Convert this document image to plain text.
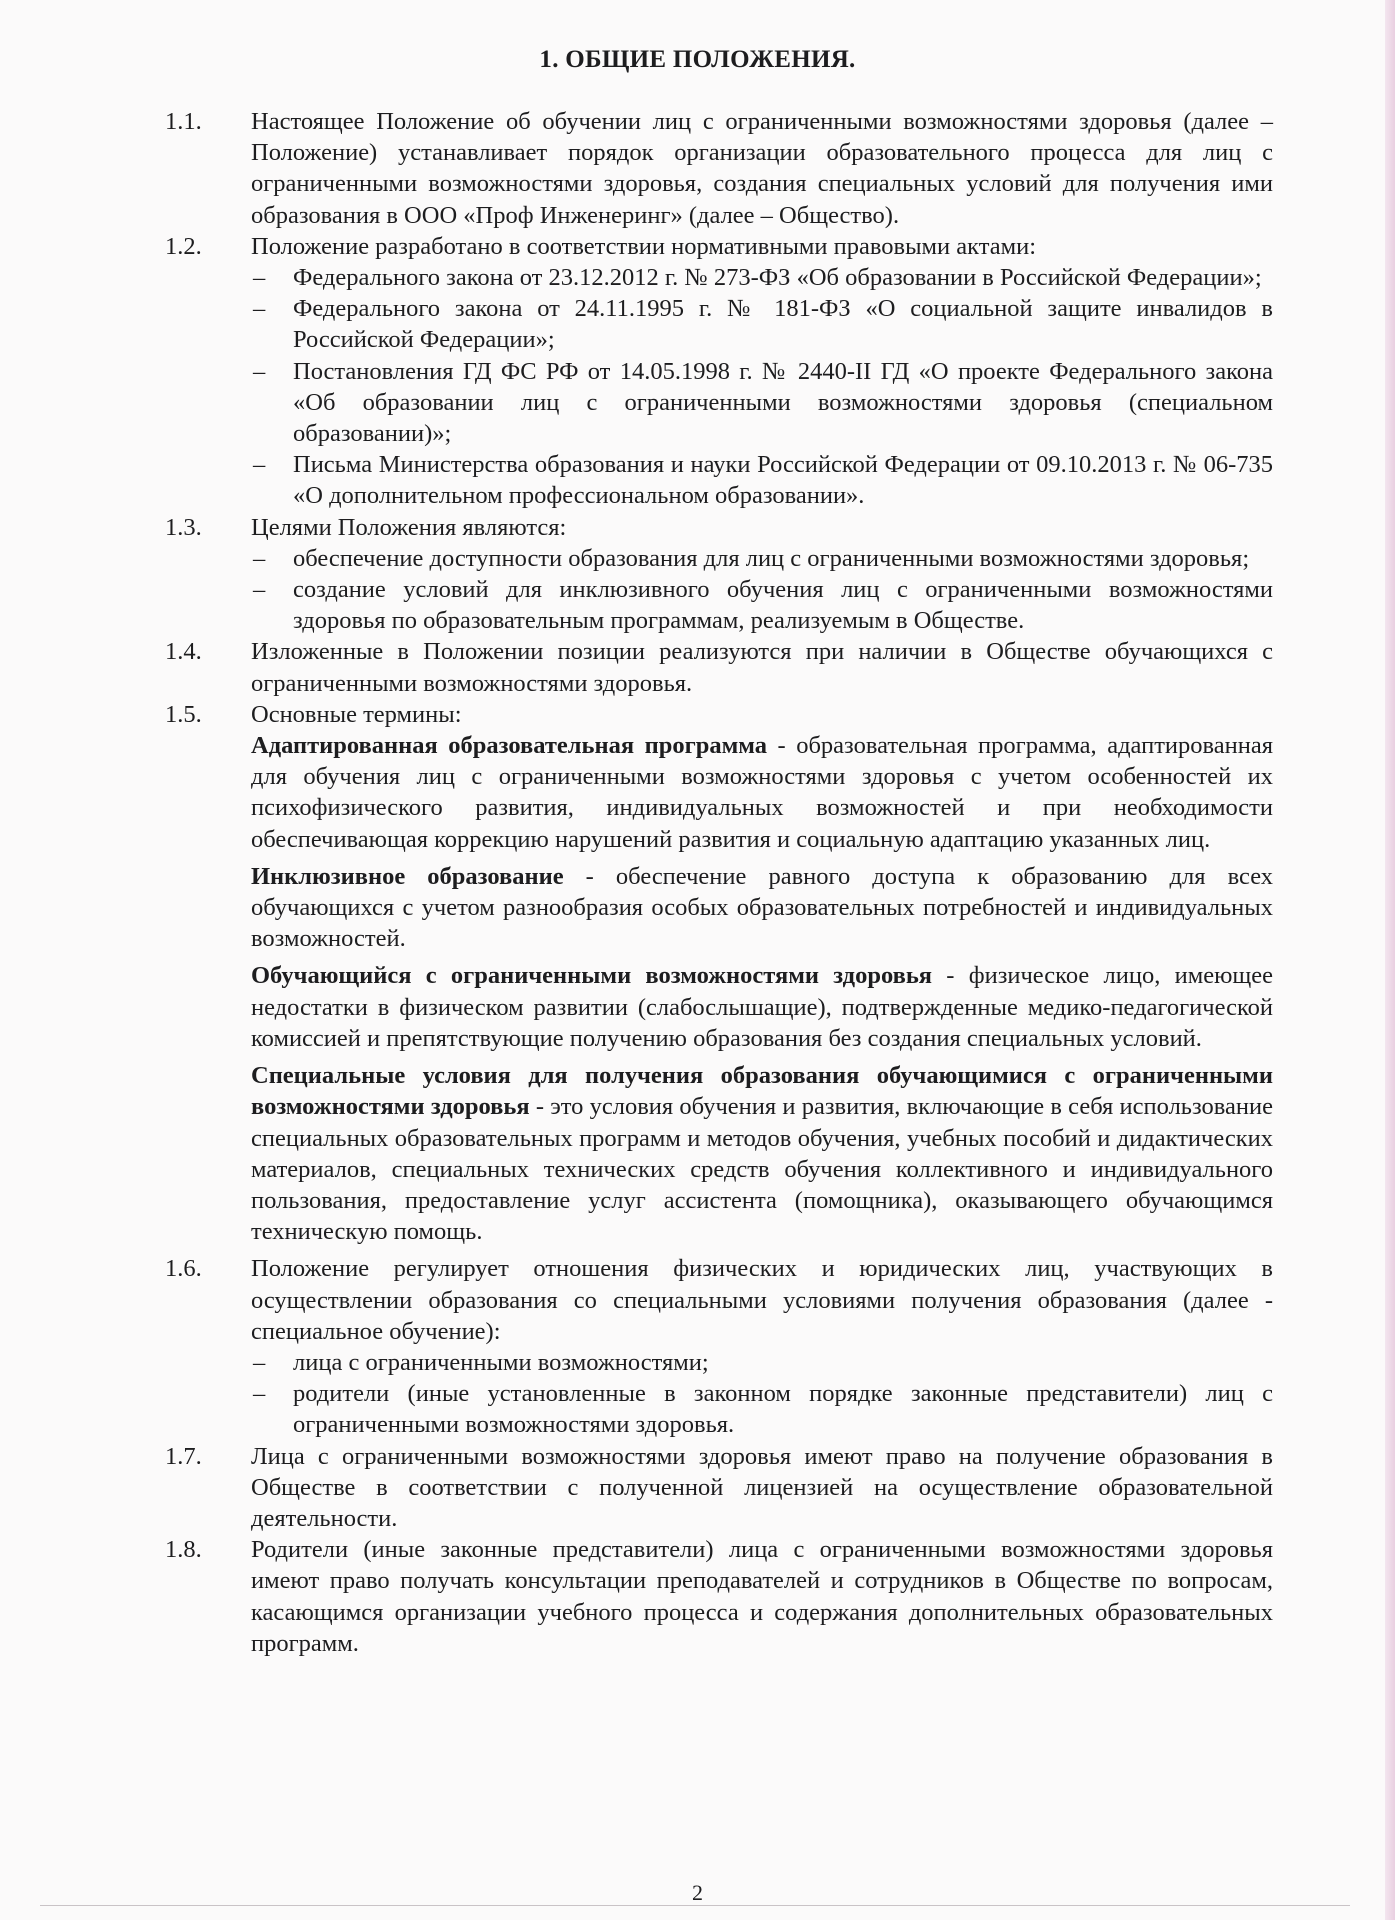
1. ОБЩИЕ ПОЛОЖЕНИЯ.
1.1.	Настоящее Положение об обучении лиц с ограниченными возможностями здоровья (далее – Положение) устанавливает порядок организации образовательного процесса для лиц с ограниченными возможностями здоровья, создания специальных условий для получения ими образования в ООО «Проф Инженеринг» (далее – Общество).

1.2.	Положение разработано в соответствии нормативными правовыми актами:

– Федерального закона от 23.12.2012 г. № 273-ФЗ «Об образовании в Российской Федерации»;

– Федерального закона от 24.11.1995 г. № 181-ФЗ «О социальной защите инвалидов в Российской Федерации»;

– Постановления ГД ФС РФ от 14.05.1998 г. № 2440-II ГД «О проекте Федерального закона «Об образовании лиц с ограниченными возможностями здоровья (специальном образовании)»;

– Письма Министерства образования и науки Российской Федерации от 09.10.2013 г. № 06-735 «О дополнительном профессиональном образовании».

1.3.	Целями Положения являются:

– обеспечение доступности образования для лиц с ограниченными возможностями здоровья;

– создание условий для инклюзивного обучения лиц с ограниченными возможностями здоровья по образовательным программам, реализуемым в Обществе.

1.4.	Изложенные в Положении позиции реализуются при наличии в Обществе обучающихся с ограниченными возможностями здоровья.

1.5.	Основные термины:

Адаптированная образовательная программа - образовательная программа, адаптированная для обучения лиц с ограниченными возможностями здоровья с учетом особенностей их психофизического развития, индивидуальных возможностей и при необходимости обеспечивающая коррекцию нарушений развития и социальную адаптацию указанных лиц.

Инклюзивное образование - обеспечение равного доступа к образованию для всех обучающихся с учетом разнообразия особых образовательных потребностей и индивидуальных возможностей.

Обучающийся с ограниченными возможностями здоровья - физическое лицо, имеющее недостатки в физическом развитии (слабослышащие), подтвержденные медико-педагогической комиссией и препятствующие получению образования без создания специальных условий.

Специальные условия для получения образования обучающимися с ограниченными возможностями здоровья - это условия обучения и развития, включающие в себя использование специальных образовательных программ и методов обучения, учебных пособий и дидактических материалов, специальных технических средств обучения коллективного и индивидуального пользования, предоставление услуг ассистента (помощника), оказывающего обучающимся техническую помощь.

1.6.	Положение регулирует отношения физических и юридических лиц, участвующих в осуществлении образования со специальными условиями получения образования (далее - специальное обучение):

– лица с ограниченными возможностями;

– родители (иные установленные в законном порядке законные представители) лиц с ограниченными возможностями здоровья.

1.7.	Лица с ограниченными возможностями здоровья имеют право на получение образования в Обществе в соответствии с полученной лицензией на осуществление образовательной деятельности.

1.8.	Родители (иные законные представители) лица с ограниченными возможностями здоровья имеют право получать консультации преподавателей и сотрудников в Обществе по вопросам, касающимся организации учебного процесса и содержания дополнительных образовательных программ.

2
